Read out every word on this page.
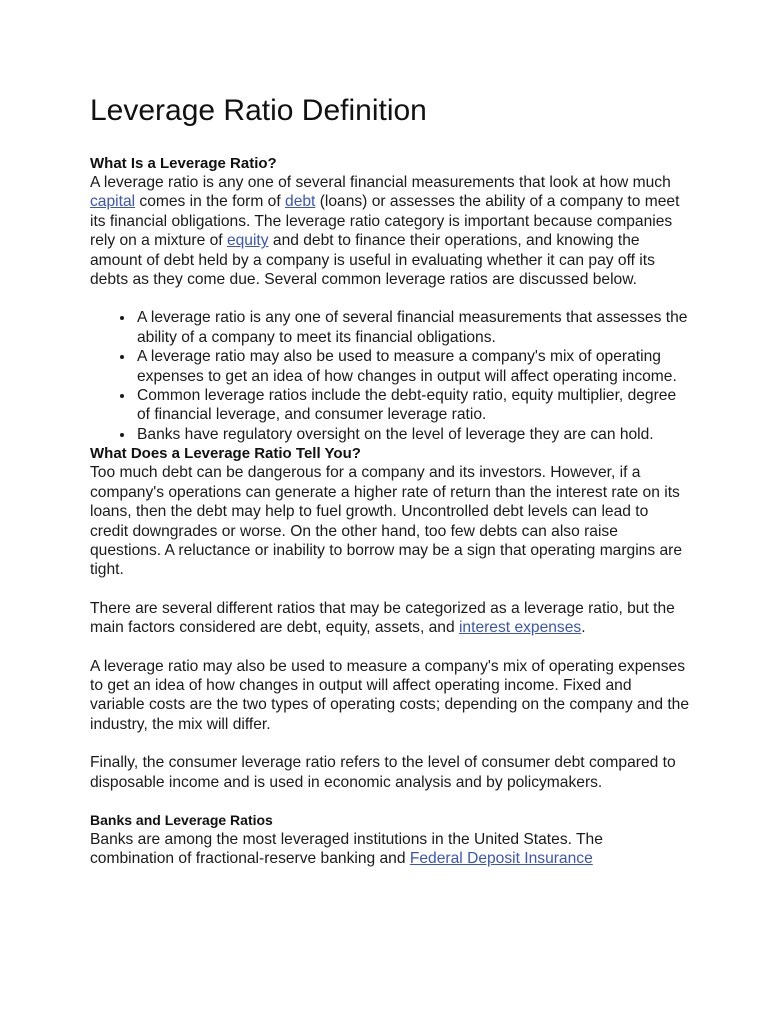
Leverage Ratio Definition
What Is a Leverage Ratio?

A leverage ratio is any one of several financial measurements that look at how much capital comes in the form of debt (loans) or assesses the ability of a company to meet its financial obligations. The leverage ratio category is important because companies rely on a mixture of equity and debt to finance their operations, and knowing the amount of debt held by a company is useful in evaluating whether it can pay off its debts as they come due. Several common leverage ratios are discussed below.

• A leverage ratio is any one of several financial measurements that assesses the ability of a company to meet its financial obligations.
• A leverage ratio may also be used to measure a company's mix of operating expenses to get an idea of how changes in output will affect operating income.
• Common leverage ratios include the debt-equity ratio, equity multiplier, degree of financial leverage, and consumer leverage ratio.
• Banks have regulatory oversight on the level of leverage they are can hold.
What Does a Leverage Ratio Tell You?

Too much debt can be dangerous for a company and its investors. However, if a company's operations can generate a higher rate of return than the interest rate on its loans, then the debt may help to fuel growth. Uncontrolled debt levels can lead to credit downgrades or worse. On the other hand, too few debts can also raise questions. A reluctance or inability to borrow may be a sign that operating margins are tight.

There are several different ratios that may be categorized as a leverage ratio, but the main factors considered are debt, equity, assets, and interest expenses.

A leverage ratio may also be used to measure a company's mix of operating expenses to get an idea of how changes in output will affect operating income. Fixed and variable costs are the two types of operating costs; depending on the company and the industry, the mix will differ.

Finally, the consumer leverage ratio refers to the level of consumer debt compared to disposable income and is used in economic analysis and by policymakers.

Banks and Leverage Ratios

Banks are among the most leveraged institutions in the United States. The combination of fractional-reserve banking and Federal Deposit Insurance
